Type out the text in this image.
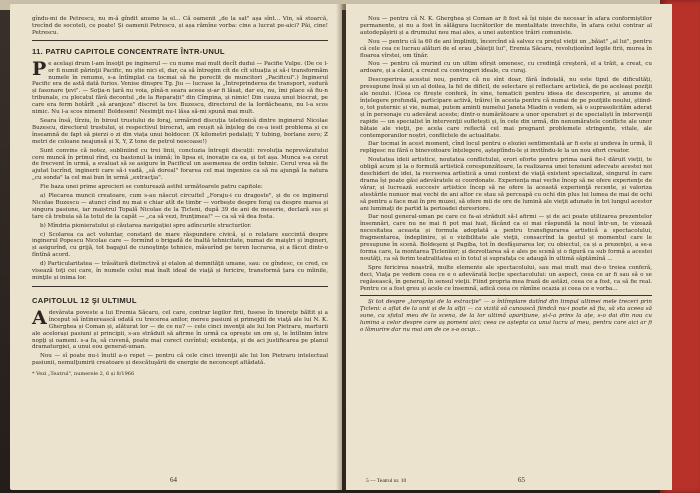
gîndu-mi de Petrescu, nu m-ă gîndit anume la el... Că oamenii „de la sat" așa sînt... Vin, să stoarcă, trecînd de socoteli, ce poate! Și oamenii Petrescu, și așa rămîne vorba: cine a lucrat pe-aici? Păi, cine! Petrescu.

11. PATRU CAPITOLE CONCENTRATE ÎNTR-UNUL
P e acelaşi drum l-am însoţit pe inginerul — cu nume mai mult decît dudui — Pacifie Vulpe. (De ce l-or fi numit părinţii Pacific, nu știe nici el, dar, ca să întregim cît de cît situația și să-i transformăm numele în renume, s-a întîmplat ca tocmai să fie poreclit de muncitori „Pacificul".) Inginerul Pacific era de astă dată furios. Venise dinspre Tg. Jiu — lucrase la „Întreprinderea de transport, sudură și fasonare ţevi". — Soţia-n țară nu voia, pînă-n seara aceea și-ar fi lăsat, dar eu, nu, îmi place să fiu-n tribunale, cu plecatul fără decontul „de la Reparații" din Cîmpina, și nimic! Din cauza unui biocrat, pe care era ferm hotărît „să aranjeze" discret la tov. Buzescu, directorul de la Iordăcheanu, nu l-a scos nimic. Nu l-a scos nimeni! Boldeseni! Nesimţit nu-l lăsa să-mi spună mai mult.

Seara însă, tîrziu, în biroul trustului de foraj, urmărind discuția telefonică dintre inginerul Nicolae Buzescu, directorul trustului, și respectivul birocrat, am reușit să înțeleg de ce-a iesit problema și ce înseamnă de fapt să pierzi o zi din viața unui boldocer. (X kilometri pedalați; Y tubing, borlane zero; Z metri de coloane neajunsă și X, Y, Z tone de petrol nescoase!)

Sunt convins că notez, subliniind cu trei linii, concluzia întregii discuții: revoluția neprevăzutului cere muncă în primul rînd, cu bastonul la inimă; în lipsa ei, inovație ca ea, și tot așa. Munca s-a cerut de frecvent în urmă, a evaluat să se asigure în Pacificul un asemenea de ordin tehnic. Cerul vrea să fie ajutat lucrînd, inginerii care să-i vadă, „să doreal" forarea cel mai ingenios ca să nu ajungă la natura „cu sonda" la cel mai bun în urmă „extracţia".

Fie baza unei prime aprecieri se conturează astfel următoarele patru capitole:

a) Plecarea muncii creatoare, cum s-au născut circuiteÌ „Foraju-i cu dragoste", și de ce inginerul Nicolae Buzescu — atunci cînd nu mai e chiar atît de timbr — vorbește despre foraj ca despre marea și singura pasiune, iar maistrul Topală Nicolae de la Țicleni, după 39 de ani de meserie, declară sus și tare că trebuia să la totul de la capăt — „ca să vezi, frunțimea!" — ca să vă dea fosta.

b) Mîndria pionieratului și căutarea navigației spre adîncurile structurilor.

c) Scolarea ca act voluntar, constant de mare răspundere civică, și o relatare succintă despre inginerul Popescu Nicolae care — formînd o brigadă de înaltă tehnicitate, numai de maiştri și ingineri, și asigurînd, cu grijă, tot bagajul de cunoştinţe tehnice, măsurînd pe teren lucrarea, și a făcut dintr-o fîntînă acord.

d) Particularitatea — trăsătură distinctivă și etalon al demnităţii umane, sau: ce gîndesc, ce cred, ce visează toţi cei care, în numele celui mai înalt ideal de viaţă și fericire, transformă țara cu mîinile, minţile și inima lor.

CAPITOLUL 12 ŞI ULTIMUL
A devărata poveste a lui Eremia Săcaru, cel care, contrar legilor firii, fusese în tinereţe băltit și a început să întinerească odată cu trecerea anilor, mereu pasiuni și primejdii de viaţă ale lui N. K. Gherghea și Coman și, alăturat lor — de ce nu? — cele cinci invenţii ale lui Ion Pietraru, marturii ale acelorași pasiuni și principii, s-au străduit să afirme în urmă ca oprește un om și, le întîlnim între nopţi și oameni. s-a fa, să cuvenă, poate mai corect cuvîntul; existenţa, și de aci justificarea pe planul dramaturgiei, a unui eou generat-uman.

Nou — sî poate nu-i înutil a-o repet — pentru că cele cinci invenţii ale lui Ion Pietraru intelectual pasiunii, nemulţumirii creatoare și descătuşării de energie de neconcept altădată.

* Vezi „Teatrul", numerele 2, 6 și 8/1966
64

Nou — pentru că N. K. Gherghea și Coman ar fi fost să își nișie de necesar în afara conformiștilor permanente, și nu a fost în sălăgura lucrătorilor de mentalitate invechite, în afara celui contrar al autodepășirii și a drumului nou mai ales, a unei autentice trăiri comuniste.

Nou — pentru că la 60 de ani împliniţi, încercînd să salvez cu preţul vieţii un „băiat" „al lui", pentru că cele cea ce lucrau alături de el erau „băieţii lui", Eremia Săcaru, revoluționînd legile firii, mureа în floarea vîrstei, om tînăr.

Nou — pentru că murind cu un ultim sfîrșit omenesc, cu credinţă creşteră, el a trăit, a creat, cu ardoare, și a căzut, a crezut cu convingeri ideale, cu curaj.

Descoperirea acestui nou, pentru că nu sînt doar, fără îndoială, nu este tipul de dificultăți, presupune însă și un al doilea, la fel de dificil, de selectare și reflectare artistică, de pe aceleași poziţii ale noului. (Ceea ce firește conferă, în sine, tematicii pentru ideea de descoperire, și anume de înțelegere profundă, participare activă, trăire) în acesta pentru că numai de pe poziţiile noului, știind-o, tot puternic și vie, numai, putem aminti numelui Janeta Miadin o vedem, să o suprasolicităm aderat și în personaje cu adevărat aceste; dintr-o numărătoare a unor operatori și de specialiști în intervenţii rapide — un specialist în intervenţii sufletești și, în cele din urmă, din nenumăratele conflicte ale unor bătaie ale vieţii, pe acela care reflectă cel mai pregnant problemele stringente, vitale, ale contemporanilor noștri, conflictele de actualitate.

Dar tocmai în acest moment, cînd locul pentru o eloziei sentimentală ar fi este și undeva în urmă, îl repligesc nu fără o binevoitoare înțelegere, așteptîndu-le și invitîndu-le la un nou efort creator.

Noutatea ideii artistice, noutatea conflictului, erori eforte pentru prima oară fie-l dăruit vieții, te obligă acum și la o formulă artistică corespunzătoare, la realizarea unei tensiuni adecvate acestei noi deschideri de idei, la recreerea artistică a unui context de viaţă existent specializat, singurul în care drama își poate găsi adevăratele ei coordonate. Experiența mai veche încep să ne ofere experienţe de vărar, și lucrează succesiv artistice încep să ne ofere la această experienţă recente, și valoriza atestările nunuor mai vechi de ani altor ce stau să perceapă cu ochi din plus lui lumea de mai de ochi să pentru a face mai în pre muzei, să ofere mii de ore de lumină ale vieţii adunate în tot lungul acestor ani luminaţi de partid la perioadei duresriore.

Dar noul general-uman pe care ce fa-ai străduit să-l afirmi — și de aci poate utilizarea prezentelor însemnări, care nu ne mai fi pot mai luat, făcând ca ei mai răspundă la noul într-un, te vizează necesitatea aceasta și formula adoptată a pentru transfigurarea artistică a spectacolului, fragmentarea, îndeplinire, și o vizibilitate ale vieţii, consacrînd la gestul și momentul care le presupune în scenă. Boldeşeni și Pagiba, tot în desfăşurarea lor, cu obiectul, ca și a prezenţei, a se-a forma care, la montarea Ţicleniior; și dezvoltarea să e ales pe scenă și o figură ca sub formă a acestei noutăţi, ca să ferim teatralitatea ei în totul și suprafața ce adaugă în ultimă săptămînă ...

Spre fericirea noastră, multe elemente ale spectacolului, sau mai mult mai de-o treiea conferă, deci, Viaţa pe vedem ceea ce e o adevărată lecție spectacolului: un aspect, ceea ce ar fi sau să o se regăsească, în general, în sensul vieţii. Fiind propria mea frază de astăzi, ceea ce a fost, ca să fie real. Pentru ce a fost greu și acele ce însemnă, adică ceea ce rămîne ocazia și ceea ce e vorba...

Și tot despre „toroşnişi de la extracţie" — o întîmplare datînd din timpul ultimei mele treceri prin Ţicleni: a aflat de la unii și de la alţii — ca vizită să cunoască fiindcă nu-i poate să fiu, să sta aceea să sune, cu sfatul meu de la scena, de la lor ultimă aparițiune, și-l-a prins la ațe, s-o dai din nou cu lumina a celor despre care aș pomeni aici; ceea ce aștepta ca unui lucru al meu, pentru care aici ar fi o lămurire dar nu mai am de ce s-o ocup...

5 — Teatrul nr. 10	65
